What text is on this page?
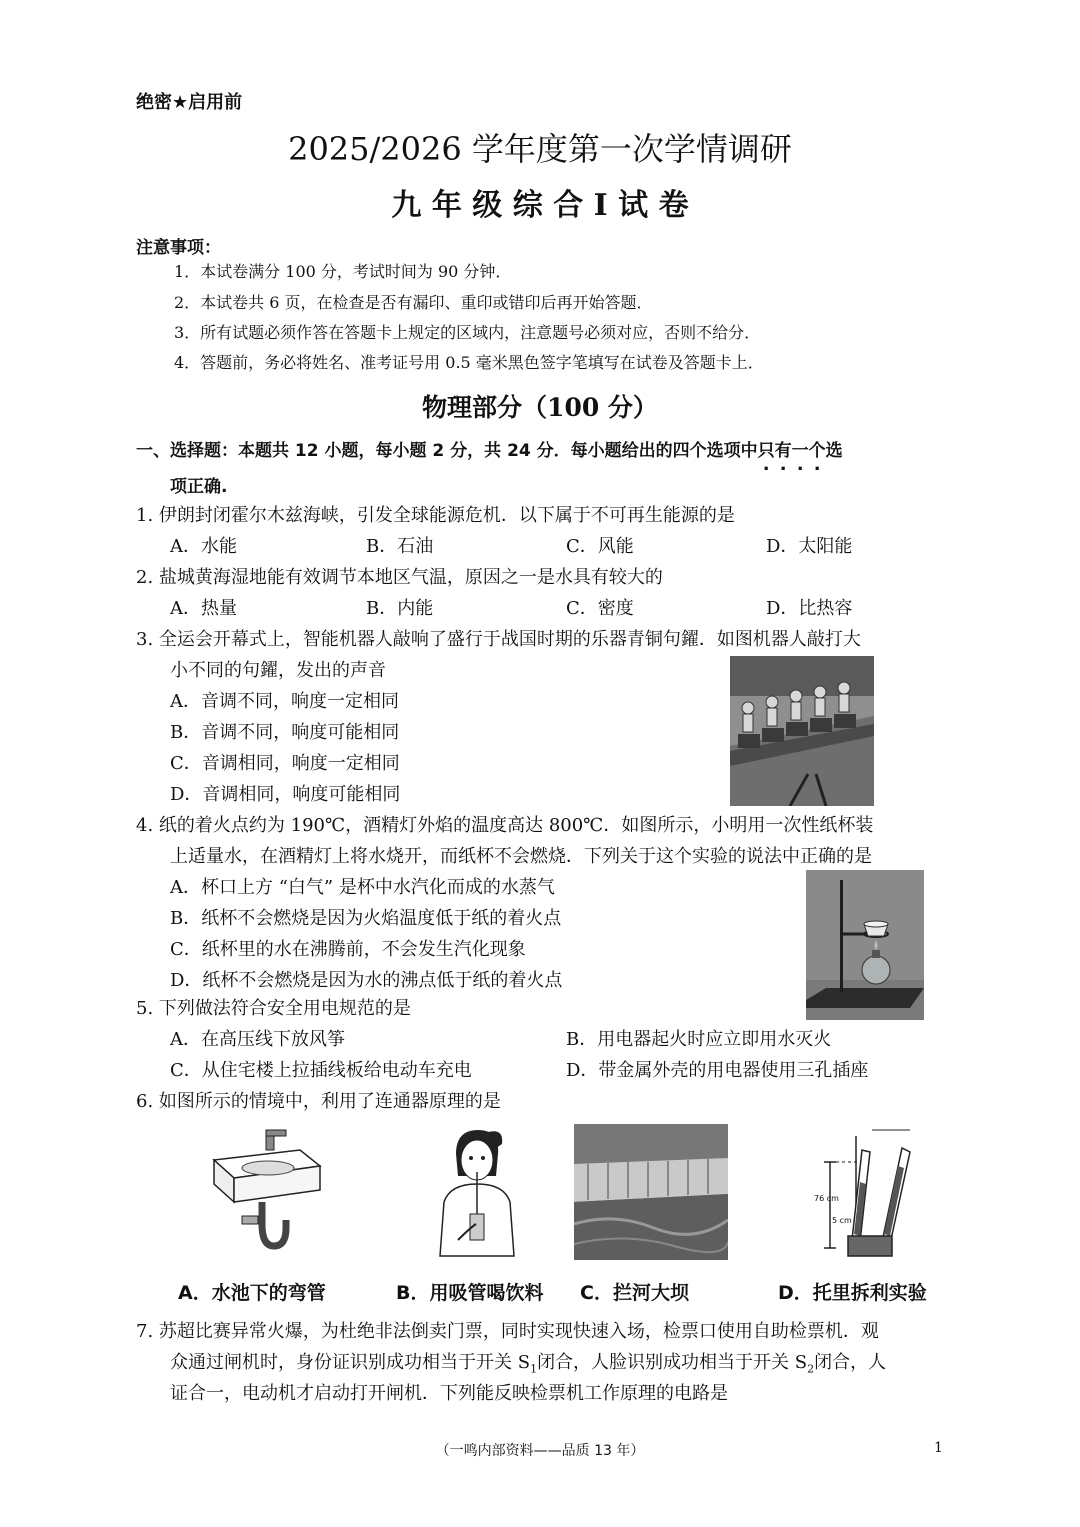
绝密★启用前
2025/2026 学年度第一次学情调研
九 年 级 综 合 I 试 卷
注意事项：
1．本试卷满分 100 分，考试时间为 90 分钟．
2．本试卷共 6 页，在检查是否有漏印、重印或错印后再开始答题．
3．所有试题必须作答在答题卡上规定的区域内，注意题号必须对应，否则不给分．
4．答题前，务必将姓名、准考证号用 0.5 毫米黑色签字笔填写在试卷及答题卡上．
物理部分（100 分）
一、选择题：本题共 12 小题，每小题 2 分，共 24 分．每小题给出的四个选项中只有一个选
项正确.
1. 伊朗封闭霍尔木兹海峡，引发全球能源危机．以下属于不可再生能源的是
A．水能	B．石油	C．风能	D．太阳能
2. 盐城黄海湿地能有效调节本地区气温，原因之一是水具有较大的
A．热量	B．内能	C．密度	D．比热容
3. 全运会开幕式上，智能机器人敲响了盛行于战国时期的乐器青铜句鑃．如图机器人敲打大
小不同的句鑃，发出的声音
A．音调不同，响度一定相同
B．音调不同，响度可能相同
C．音调相同，响度一定相同
D．音调相同，响度可能相同
4. 纸的着火点约为 190℃，酒精灯外焰的温度高达 800℃．如图所示，小明用一次性纸杯装
上适量水，在酒精灯上将水烧开，而纸杯不会燃烧．下列关于这个实验的说法中正确的是
A．杯口上方 “白气” 是杯中水汽化而成的水蒸气
B．纸杯不会燃烧是因为火焰温度低于纸的着火点
C．纸杯里的水在沸腾前，不会发生汽化现象
D．纸杯不会燃烧是因为水的沸点低于纸的着火点
5. 下列做法符合安全用电规范的是
A．在高压线下放风筝	B．用电器起火时应立即用水灭火
C．从住宅楼上拉插线板给电动车充电	D．带金属外壳的用电器使用三孔插座
6. 如图所示的情境中，利用了连通器原理的是
76 cm
5 cm
A．水池下的弯管	B．用吸管喝饮料 C．拦河大坝	D．托里拆利实验
7. 苏超比赛异常火爆，为杜绝非法倒卖门票，同时实现快速入场，检票口使用自助检票机．观
众通过闸机时，身份证识别成功相当于开关 $S_1$闭合，人脸识别成功相当于开关 $S_2$闭合，人
证合一，电动机才启动打开闸机．下列能反映检票机工作原理的电路是
（一鸣内部资料——品质 13 年）	1
